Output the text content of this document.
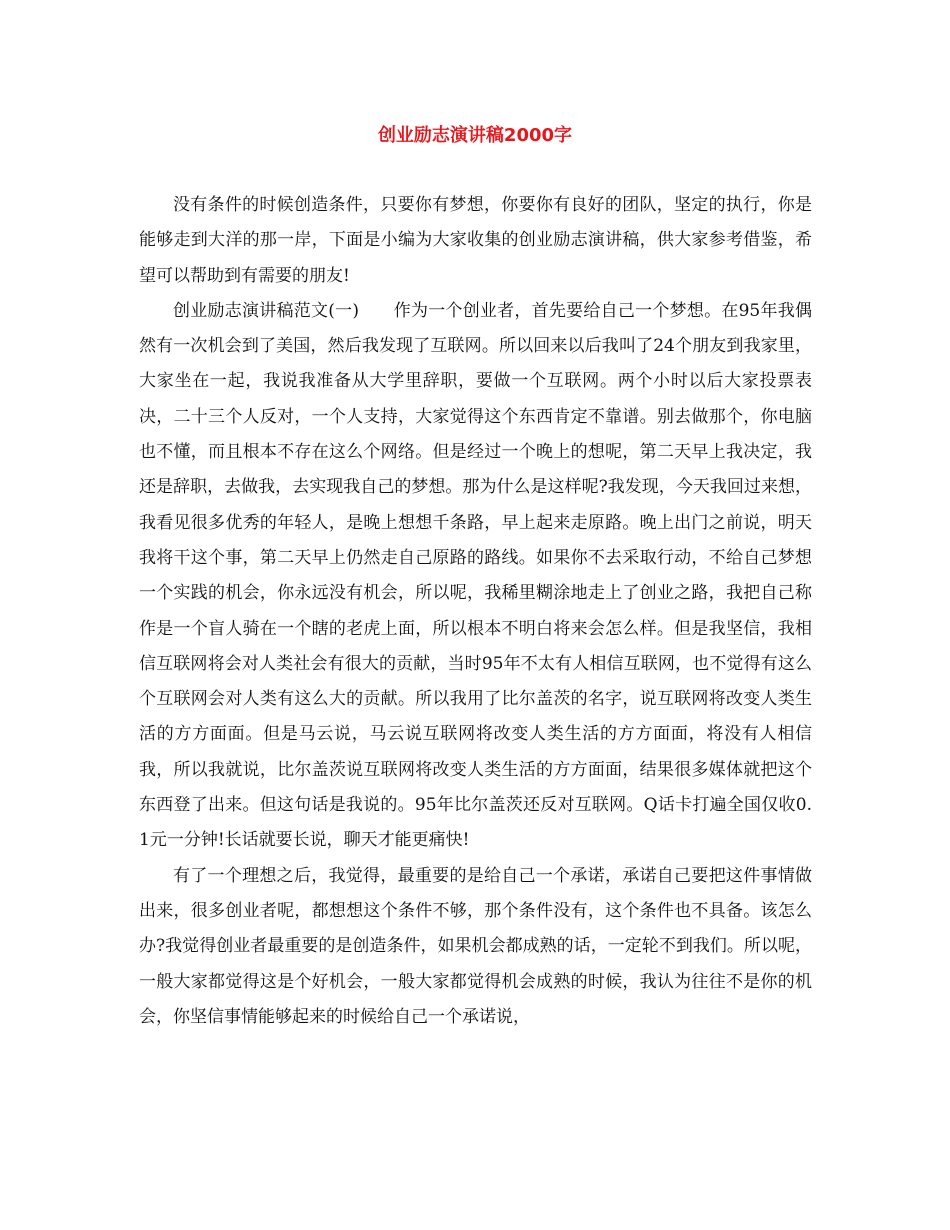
创业励志演讲稿2000字

没有条件的时候创造条件，只要你有梦想，你要你有良好的团队，坚定的执行，你是能够走到大洋的那一岸，下面是小编为大家收集的创业励志演讲稿，供大家参考借鉴，希望可以帮助到有需要的朋友!

创业励志演讲稿范文(一)　　作为一个创业者，首先要给自己一个梦想。在95年我偶然有一次机会到了美国，然后我发现了互联网。所以回来以后我叫了24个朋友到我家里，大家坐在一起，我说我准备从大学里辞职，要做一个互联网。两个小时以后大家投票表决，二十三个人反对，一个人支持，大家觉得这个东西肯定不靠谱。别去做那个，你电脑也不懂，而且根本不存在这么个网络。但是经过一个晚上的想呢，第二天早上我决定，我还是辞职，去做我，去实现我自己的梦想。那为什么是这样呢?我发现，今天我回过来想，我看见很多优秀的年轻人，是晚上想想千条路，早上起来走原路。晚上出门之前说，明天我将干这个事，第二天早上仍然走自己原路的路线。如果你不去采取行动，不给自己梦想一个实践的机会，你永远没有机会，所以呢，我稀里糊涂地走上了创业之路，我把自己称作是一个盲人骑在一个瞎的老虎上面，所以根本不明白将来会怎么样。但是我坚信，我相信互联网将会对人类社会有很大的贡献，当时95年不太有人相信互联网，也不觉得有这么个互联网会对人类有这么大的贡献。所以我用了比尔盖茨的名字，说互联网将改变人类生活的方方面面。但是马云说，马云说互联网将改变人类生活的方方面面，将没有人相信我，所以我就说，比尔盖茨说互联网将改变人类生活的方方面面，结果很多媒体就把这个东西登了出来。但这句话是我说的。95年比尔盖茨还反对互联网。Q话卡打遍全国仅收0.1元一分钟!长话就要长说，聊天才能更痛快!

有了一个理想之后，我觉得，最重要的是给自己一个承诺，承诺自己要把这件事情做出来，很多创业者呢，都想想这个条件不够，那个条件没有，这个条件也不具备。该怎么办?我觉得创业者最重要的是创造条件，如果机会都成熟的话，一定轮不到我们。所以呢，一般大家都觉得这是个好机会，一般大家都觉得机会成熟的时候，我认为往往不是你的机会，你坚信事情能够起来的时候给自己一个承诺说，
